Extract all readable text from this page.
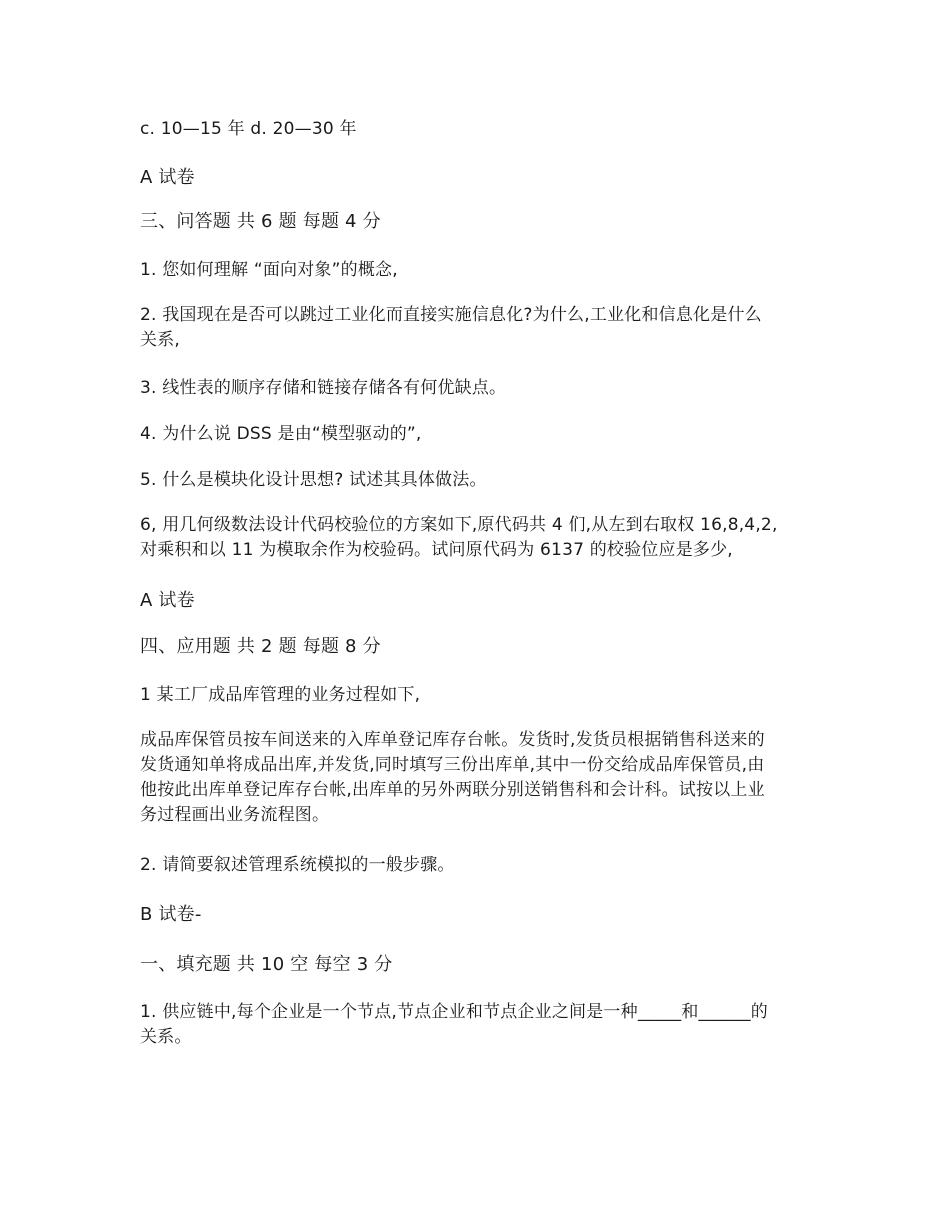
c. 10—15 年 d. 20—30 年
A 试卷
三、问答题 共 6 题 每题 4 分
1. 您如何理解 “面向对象”的概念,
2. 我国现在是否可以跳过工业化而直接实施信息化?为什么,工业化和信息化是什么
关系,
3. 线性表的顺序存储和链接存储各有何优缺点。
4. 为什么说 DSS 是由“模型驱动的”,
5. 什么是模块化设计思想? 试述其具体做法。
6, 用几何级数法设计代码校验位的方案如下,原代码共 4 们,从左到右取权 16,8,4,2,
对乘积和以 11 为模取余作为校验码。试问原代码为 6137 的校验位应是多少,
A 试卷
四、应用题 共 2 题 每题 8 分
1 某工厂成品库管理的业务过程如下,
成品库保管员按车间送来的入库单登记库存台帐。发货时,发货员根据销售科送来的
发货通知单将成品出库,并发货,同时填写三份出库单,其中一份交给成品库保管员,由
他按此出库单登记库存台帐,出库单的另外两联分别送销售科和会计科。试按以上业
务过程画出业务流程图。
2. 请简要叙述管理系统模拟的一般步骤。
B 试卷-
一、填充题 共 10 空 每空 3 分
1. 供应链中,每个企业是一个节点,节点企业和节点企业之间是一种_____和______的
关系。
